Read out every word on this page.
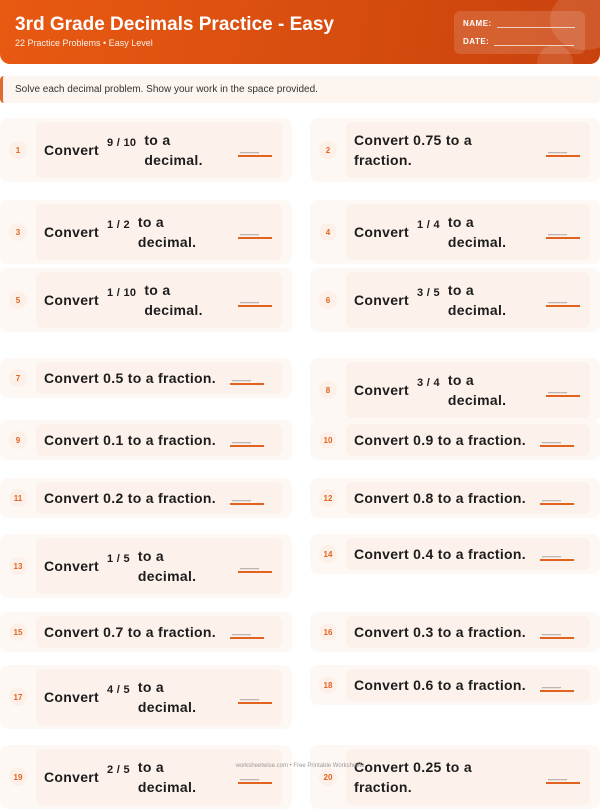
3rd Grade Decimals Practice - Easy
22 Practice Problems • Easy Level
NAME:
DATE:
Solve each decimal problem. Show your work in the space provided.
1	Convert 9 / 10 to a decimal.
___	2
Convert 0.75 to a fraction.
___
3	Convert 1 / 2 to a decimal.
___	4	Convert 1 / 4 to a decimal.
___
5	Convert 1 / 10 to a decimal.
___	6	Convert 3 / 5 to a decimal.
___
7	Convert 0.5 to a fraction. ___
8	Convert 3 / 4 to a decimal.
___
9	Convert 0.1 to a fraction. ___	10	Convert 0.9 to a fraction. ___
11	Convert 0.2 to a fraction. ___	12	Convert 0.8 to a fraction. ___
13	Convert 1 / 5 to a decimal.
___
14	Convert 0.4 to a fraction. ___
15	Convert 0.7 to a fraction. ___	16	Convert 0.3 to a fraction. ___
17	Convert 4 / 5 to a decimal.
___
18	Convert 0.6 to a fraction. ___
19	Convert 2 / 5 to a decimal.
___	20
Convert 0.25 to a fraction.
___
worksheetwise.com • Free Printable Worksheets
